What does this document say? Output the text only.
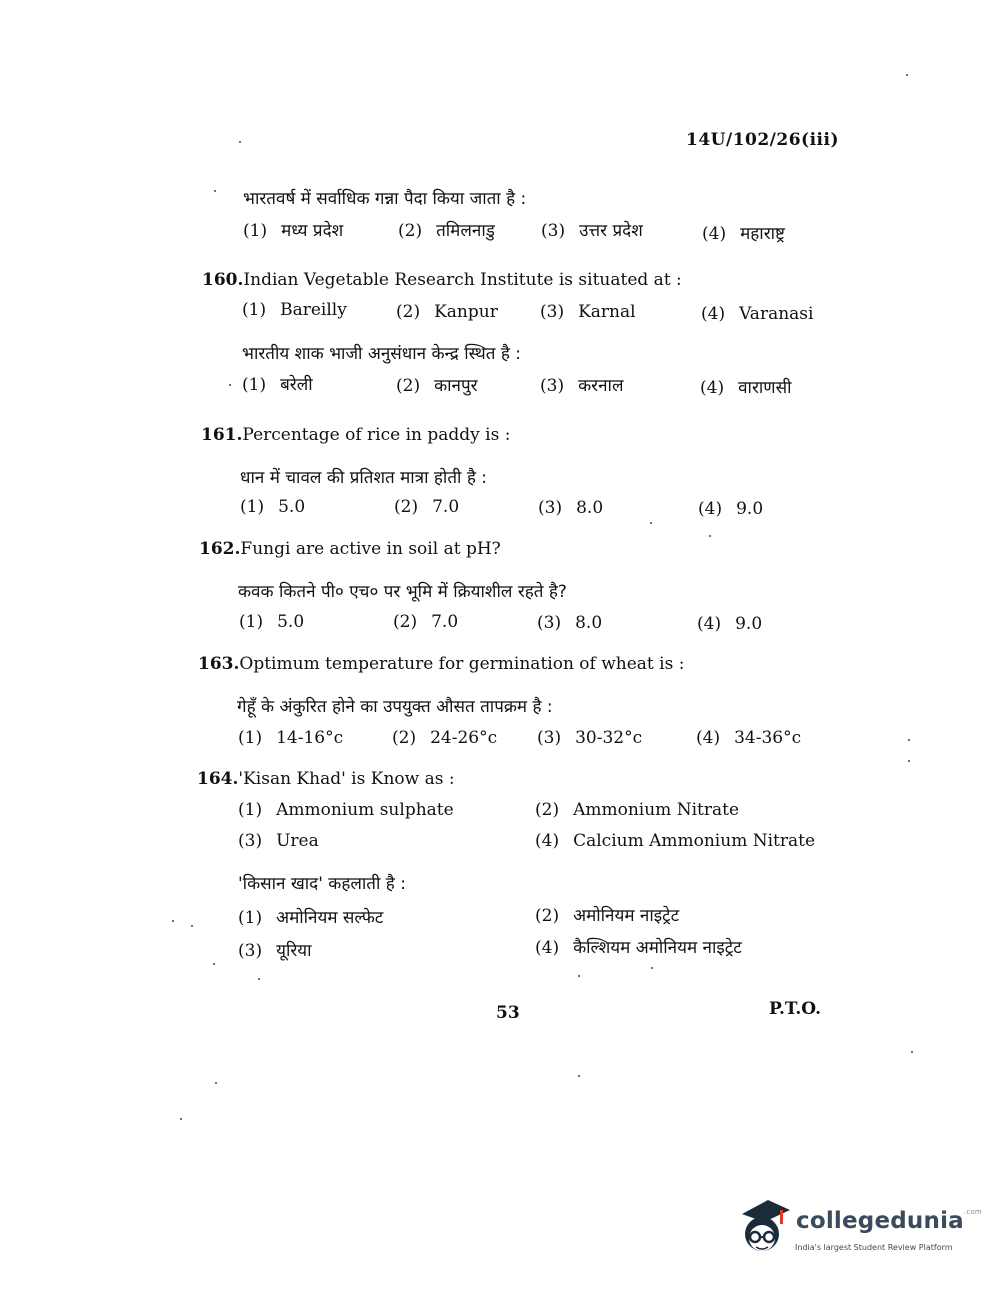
14U/102/26(iii)
भारतवर्ष में सर्वाधिक गन्ना पैदा किया जाता है :
(1) मध्य प्रदेश	(2) तमिलनाडु	(3) उत्तर प्रदेश	(4) महाराष्ट्र
160.Indian Vegetable Research Institute is situated at :
(1) Bareilly	(2) Kanpur (3) Karnal	(4) Varanasi
भारतीय शाक भाजी अनुसंधान केन्द्र स्थित है :
(1) बरेली	(2) कानपुर	(3) करनाल	(4) वाराणसी
161.Percentage of rice in paddy is :
धान में चावल की प्रतिशत मात्रा होती है :
(1) 5.0	(2) 7.0	(3) 8.0	(4) 9.0
162.Fungi are active in soil at pH?
कवक कितने पी० एच० पर भूमि में क्रियाशील रहते है?
(1) 5.0	(2) 7.0	(3) 8.0	(4) 9.0
163.Optimum temperature for germination of wheat is :
गेहूँ के अंकुरित होने का उपयुक्त औसत तापक्रम है :
(1) 14-16°c	(2) 24-26°c (3) 30-32°c	(4) 34-36°c
164.'Kisan Khad' is Know as :
(1) Ammonium sulphate	(2) Ammonium Nitrate
(3) Urea	(4) Calcium Ammonium Nitrate
'किसान खाद' कहलाती है :
(1) अमोनियम सल्फेट	(2) अमोनियम नाइट्रेट
(3) यूरिया	(4) कैल्शियम अमोनियम नाइट्रेट
53	P.T.O.
collegedunia$^{.com}$
India's largest Student Review Platform
